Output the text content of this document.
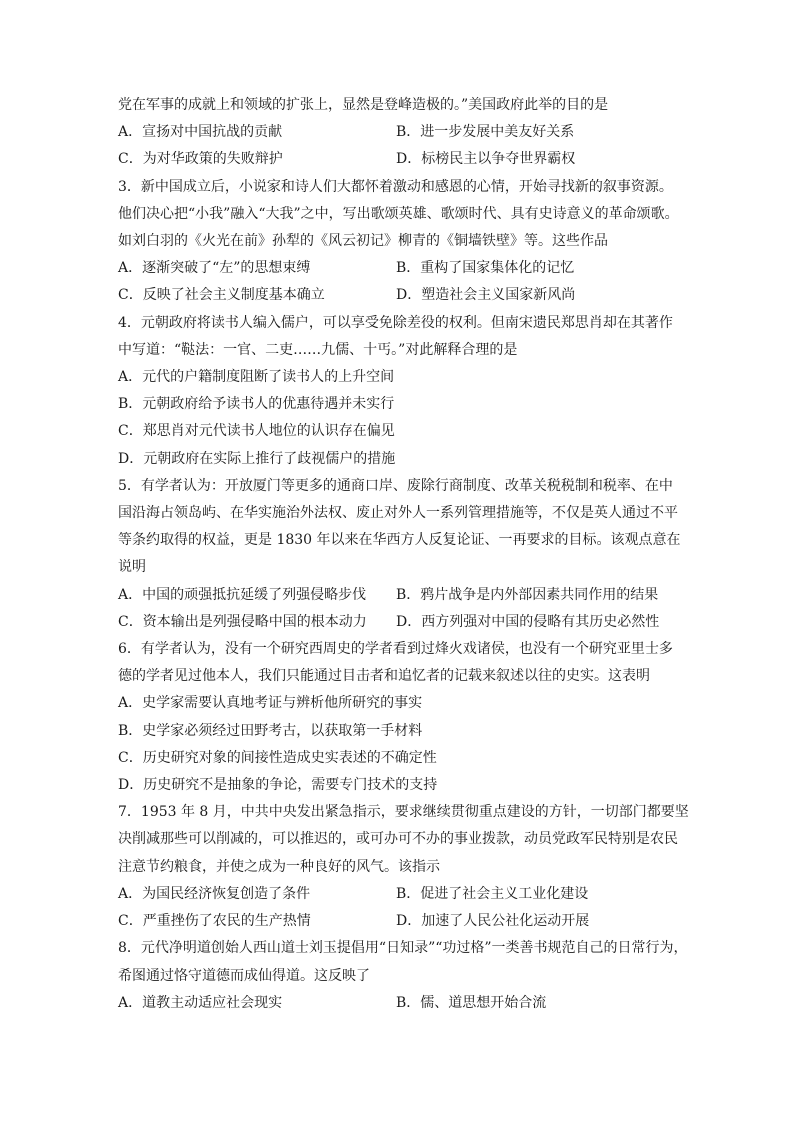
党在军事的成就上和领域的扩张上，显然是登峰造极的。”美国政府此举的目的是
A．宣扬对中国抗战的贡献	B．进一步发展中美友好关系
C．为对华政策的失败辩护	D．标榜民主以争夺世界霸权
3．新中国成立后，小说家和诗人们大都怀着激动和感恩的心情，开始寻找新的叙事资源。
他们决心把“小我”融入“大我”之中，写出歌颂英雄、歌颂时代、具有史诗意义的革命颂歌。
如刘白羽的《火光在前》孙犁的《风云初记》柳青的《铜墙铁壁》等。这些作品
A．逐渐突破了“左”的思想束缚	B．重构了国家集体化的记忆
C．反映了社会主义制度基本确立	D．塑造社会主义国家新风尚
4．元朝政府将读书人编入儒户，可以享受免除差役的权利。但南宋遗民郑思肖却在其著作
中写道：“鞑法：一官、二吏……九儒、十丐。”对此解释合理的是
A．元代的户籍制度阻断了读书人的上升空间
B．元朝政府给予读书人的优惠待遇并未实行
C．郑思肖对元代读书人地位的认识存在偏见
D．元朝政府在实际上推行了歧视儒户的措施
5．有学者认为：开放厦门等更多的通商口岸、废除行商制度、改革关税税制和税率、在中
国沿海占领岛屿、在华实施治外法权、废止对外人一系列管理措施等，不仅是英人通过不平
等条约取得的权益，更是 1830 年以来在华西方人反复论证、一再要求的目标。该观点意在
说明
A．中国的顽强抵抗延缓了列强侵略步伐	B．鸦片战争是内外部因素共同作用的结果
C．资本输出是列强侵略中国的根本动力	D．西方列强对中国的侵略有其历史必然性
6．有学者认为，没有一个研究西周史的学者看到过烽火戏诸侯，也没有一个研究亚里士多
德的学者见过他本人，我们只能通过目击者和追忆者的记载来叙述以往的史实。这表明
A．史学家需要认真地考证与辨析他所研究的事实
B．史学家必须经过田野考古，以获取第一手材料
C．历史研究对象的间接性造成史实表述的不确定性
D．历史研究不是抽象的争论，需要专门技术的支持
7．1953 年 8 月，中共中央发出紧急指示，要求继续贯彻重点建设的方针，一切部门都要坚
决削减那些可以削减的，可以推迟的，或可办可不办的事业拨款，动员党政军民特别是农民
注意节约粮食，并使之成为一种良好的风气。该指示
A．为国民经济恢复创造了条件	B．促进了社会主义工业化建设
C．严重挫伤了农民的生产热情	D．加速了人民公社化运动开展
8．元代净明道创始人西山道士刘玉提倡用“日知录”“功过格”一类善书规范自己的日常行为，
希图通过恪守道德而成仙得道。这反映了
A．道教主动适应社会现实	B．儒、道思想开始合流
